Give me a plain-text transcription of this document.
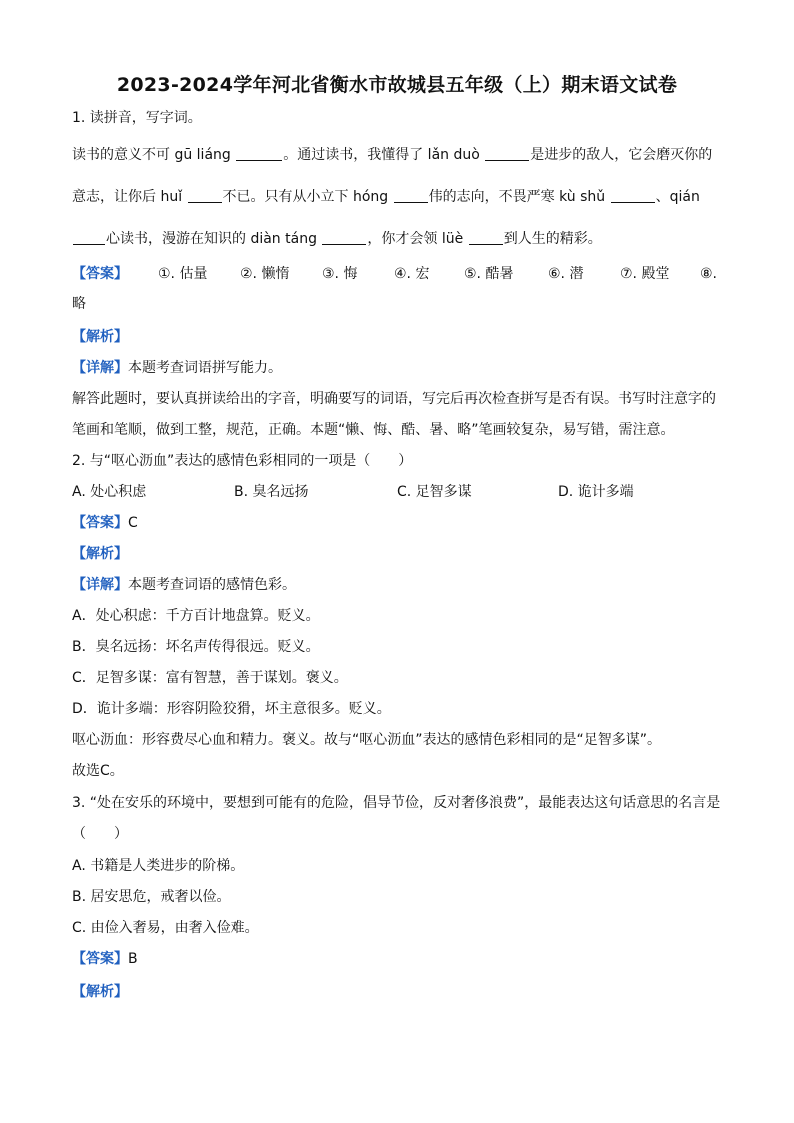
2023-2024学年河北省衡水市故城县五年级（上）期末语文试卷
1. 读拼音，写字词。
读书的意义不可 gū liáng	。通过读书，我懂得了 lǎn duò	是进步的敌人，它会磨灭你的
意志，让你后 huǐ	不已。只有从小立下 hóng	伟的志向，不畏严寒 kù shǔ	、qián
心读书，漫游在知识的 diàn táng	，你才会领 lüè	到人生的精彩。
【答案】 ①. 估量 ②. 懒惰 ③. 悔	④. 宏 ⑤. 酷暑 ⑥. 潜	⑦. 殿堂 ⑧.
略
【解析】
【详解】本题考查词语拼写能力。
解答此题时，要认真拼读给出的字音，明确要写的词语，写完后再次检查拼写是否有误。书写时注意字的
笔画和笔顺，做到工整，规范，正确。本题“懒、悔、酷、暑、略”笔画较复杂，易写错，需注意。
2. 与“呕心沥血”表达的感情色彩相同的一项是（　　）
A. 处心积虑	B. 臭名远扬	C. 足智多谋	D. 诡计多端
【答案】C
【解析】
【详解】本题考查词语的感情色彩。
A．处心积虑：千方百计地盘算。贬义。
B．臭名远扬：坏名声传得很远。贬义。
C．足智多谋：富有智慧，善于谋划。褒义。
D．诡计多端：形容阴险狡猾，坏主意很多。贬义。
呕心沥血：形容费尽心血和精力。褒义。故与“呕心沥血”表达的感情色彩相同的是“足智多谋”。
故选C。
3. “处在安乐的环境中，要想到可能有的危险，倡导节俭，反对奢侈浪费”，最能表达这句话意思的名言是
（　　）
A. 书籍是人类进步的阶梯。
B. 居安思危，戒奢以俭。
C. 由俭入奢易，由奢入俭难。
【答案】B
【解析】
